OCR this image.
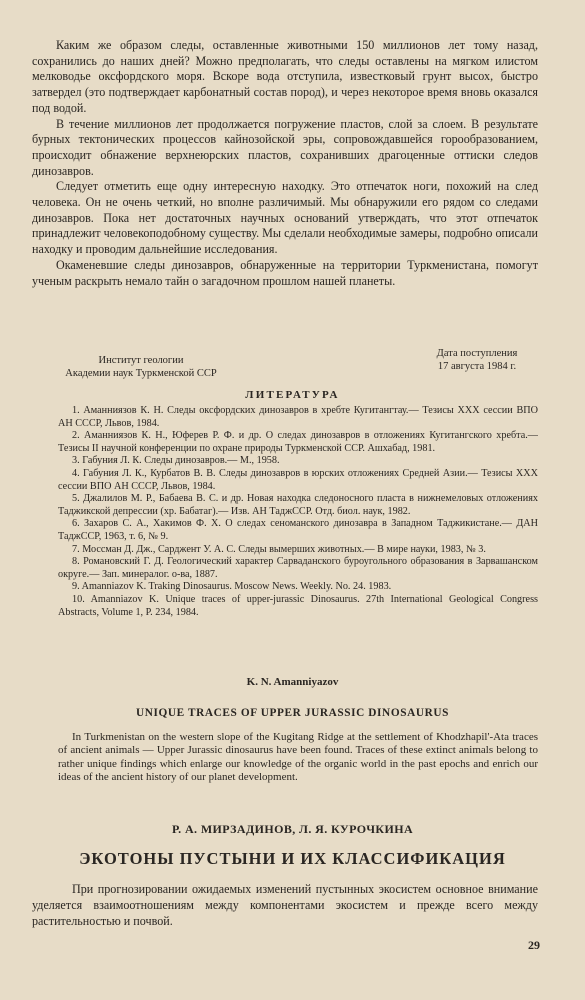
Каким же образом следы, оставленные животными 150 миллионов лет тому назад, сохранились до наших дней? Можно предполагать, что следы оставлены на мягком илистом мелководье оксфордского моря. Вскоре вода отступила, известковый грунт высох, быстро затвердел (это подтверждает карбонатный состав пород), и через некоторое время вновь оказался под водой.

В течение миллионов лет продолжается погружение пластов, слой за слоем. В результате бурных тектонических процессов кайнозойской эры, сопровождавшейся горообразованием, происходит обнажение верхнеюрских пластов, сохранивших драгоценные оттиски следов динозавров.

Следует отметить еще одну интересную находку. Это отпечаток ноги, похожий на след человека. Он не очень четкий, но вполне различимый. Мы обнаружили его рядом со следами динозавров. Пока нет достаточных научных оснований утверждать, что этот отпечаток принадлежит человекоподобному существу. Мы сделали необходимые замеры, подробно описали находку и проводим дальнейшие исследования.

Окаменевшие следы динозавров, обнаруженные на территории Туркменистана, помогут ученым раскрыть немало тайн о загадочном прошлом нашей планеты.

Институт геологии
Академии наук Туркменской ССР
Дата поступления
17 августа 1984 г.
ЛИТЕРАТУРА
1. Аманниязов К. Н. Следы оксфордских динозавров в хребте Кугитангтау.— Тезисы XXX сессии ВПО АН СССР, Львов, 1984.
2. Аманниязов К. Н., Юферев Р. Ф. и др. О следах динозавров в отложениях Кугитангского хребта.— Тезисы II научной конференции по охране природы Туркменской ССР. Ашхабад, 1981.
3. Габуния Л. К. Следы динозавров.— М., 1958.
4. Габуния Л. К., Курбатов В. В. Следы динозавров в юрских отложениях Средней Азии.— Тезисы XXX сессии ВПО АН СССР, Львов, 1984.
5. Джалилов М. Р., Бабаева В. С. и др. Новая находка следоносного пласта в нижнемеловых отложениях Таджикской депрессии (хр. Бабатаг).— Изв. АН ТаджССР. Отд. биол. наук, 1982.
6. Захаров С. А., Хакимов Ф. Х. О следах сеноманского динозавра в Западном Таджикистане.— ДАН ТаджССР, 1963, т. 6, № 9.
7. Моссман Д. Дж., Сарджент У. А. С. Следы вымерших животных.— В мире науки, 1983, № 3.
8. Романовский Г. Д. Геологический характер Сарваданского буроугольного образования в Зарвашанском округе.— Зап. минералог. о-ва, 1887.
9. Amanniazov K. Traking Dinosaurus. Moscow News. Weekly. No. 24. 1983.
10. Amanniazov K. Unique traces of upper-jurassic Dinosaurus. 27th International Geological Congress Abstracts, Volume 1, P. 234, 1984.
K. N. Amanniyazov
UNIQUE TRACES OF UPPER JURASSIC DINOSAURUS

In Turkmenistan on the western slope of the Kugitang Ridge at the settlement of Khodzhapil'-Ata traces of ancient animals — Upper Jurassic dinosaurus have been found. Traces of these extinct animals belong to rather unique findings which enlarge our knowledge of the organic world in the past epochs and enrich our ideas of the ancient history of our planet development.

Р. А. МИРЗАДИНОВ, Л. Я. КУРОЧКИНА
ЭКОТОНЫ ПУСТЫНИ И ИХ КЛАССИФИКАЦИЯ

При прогнозировании ожидаемых изменений пустынных экосистем основное внимание уделяется взаимоотношениям между компонентами экосистем и прежде всего между растительностью и почвой.

29
